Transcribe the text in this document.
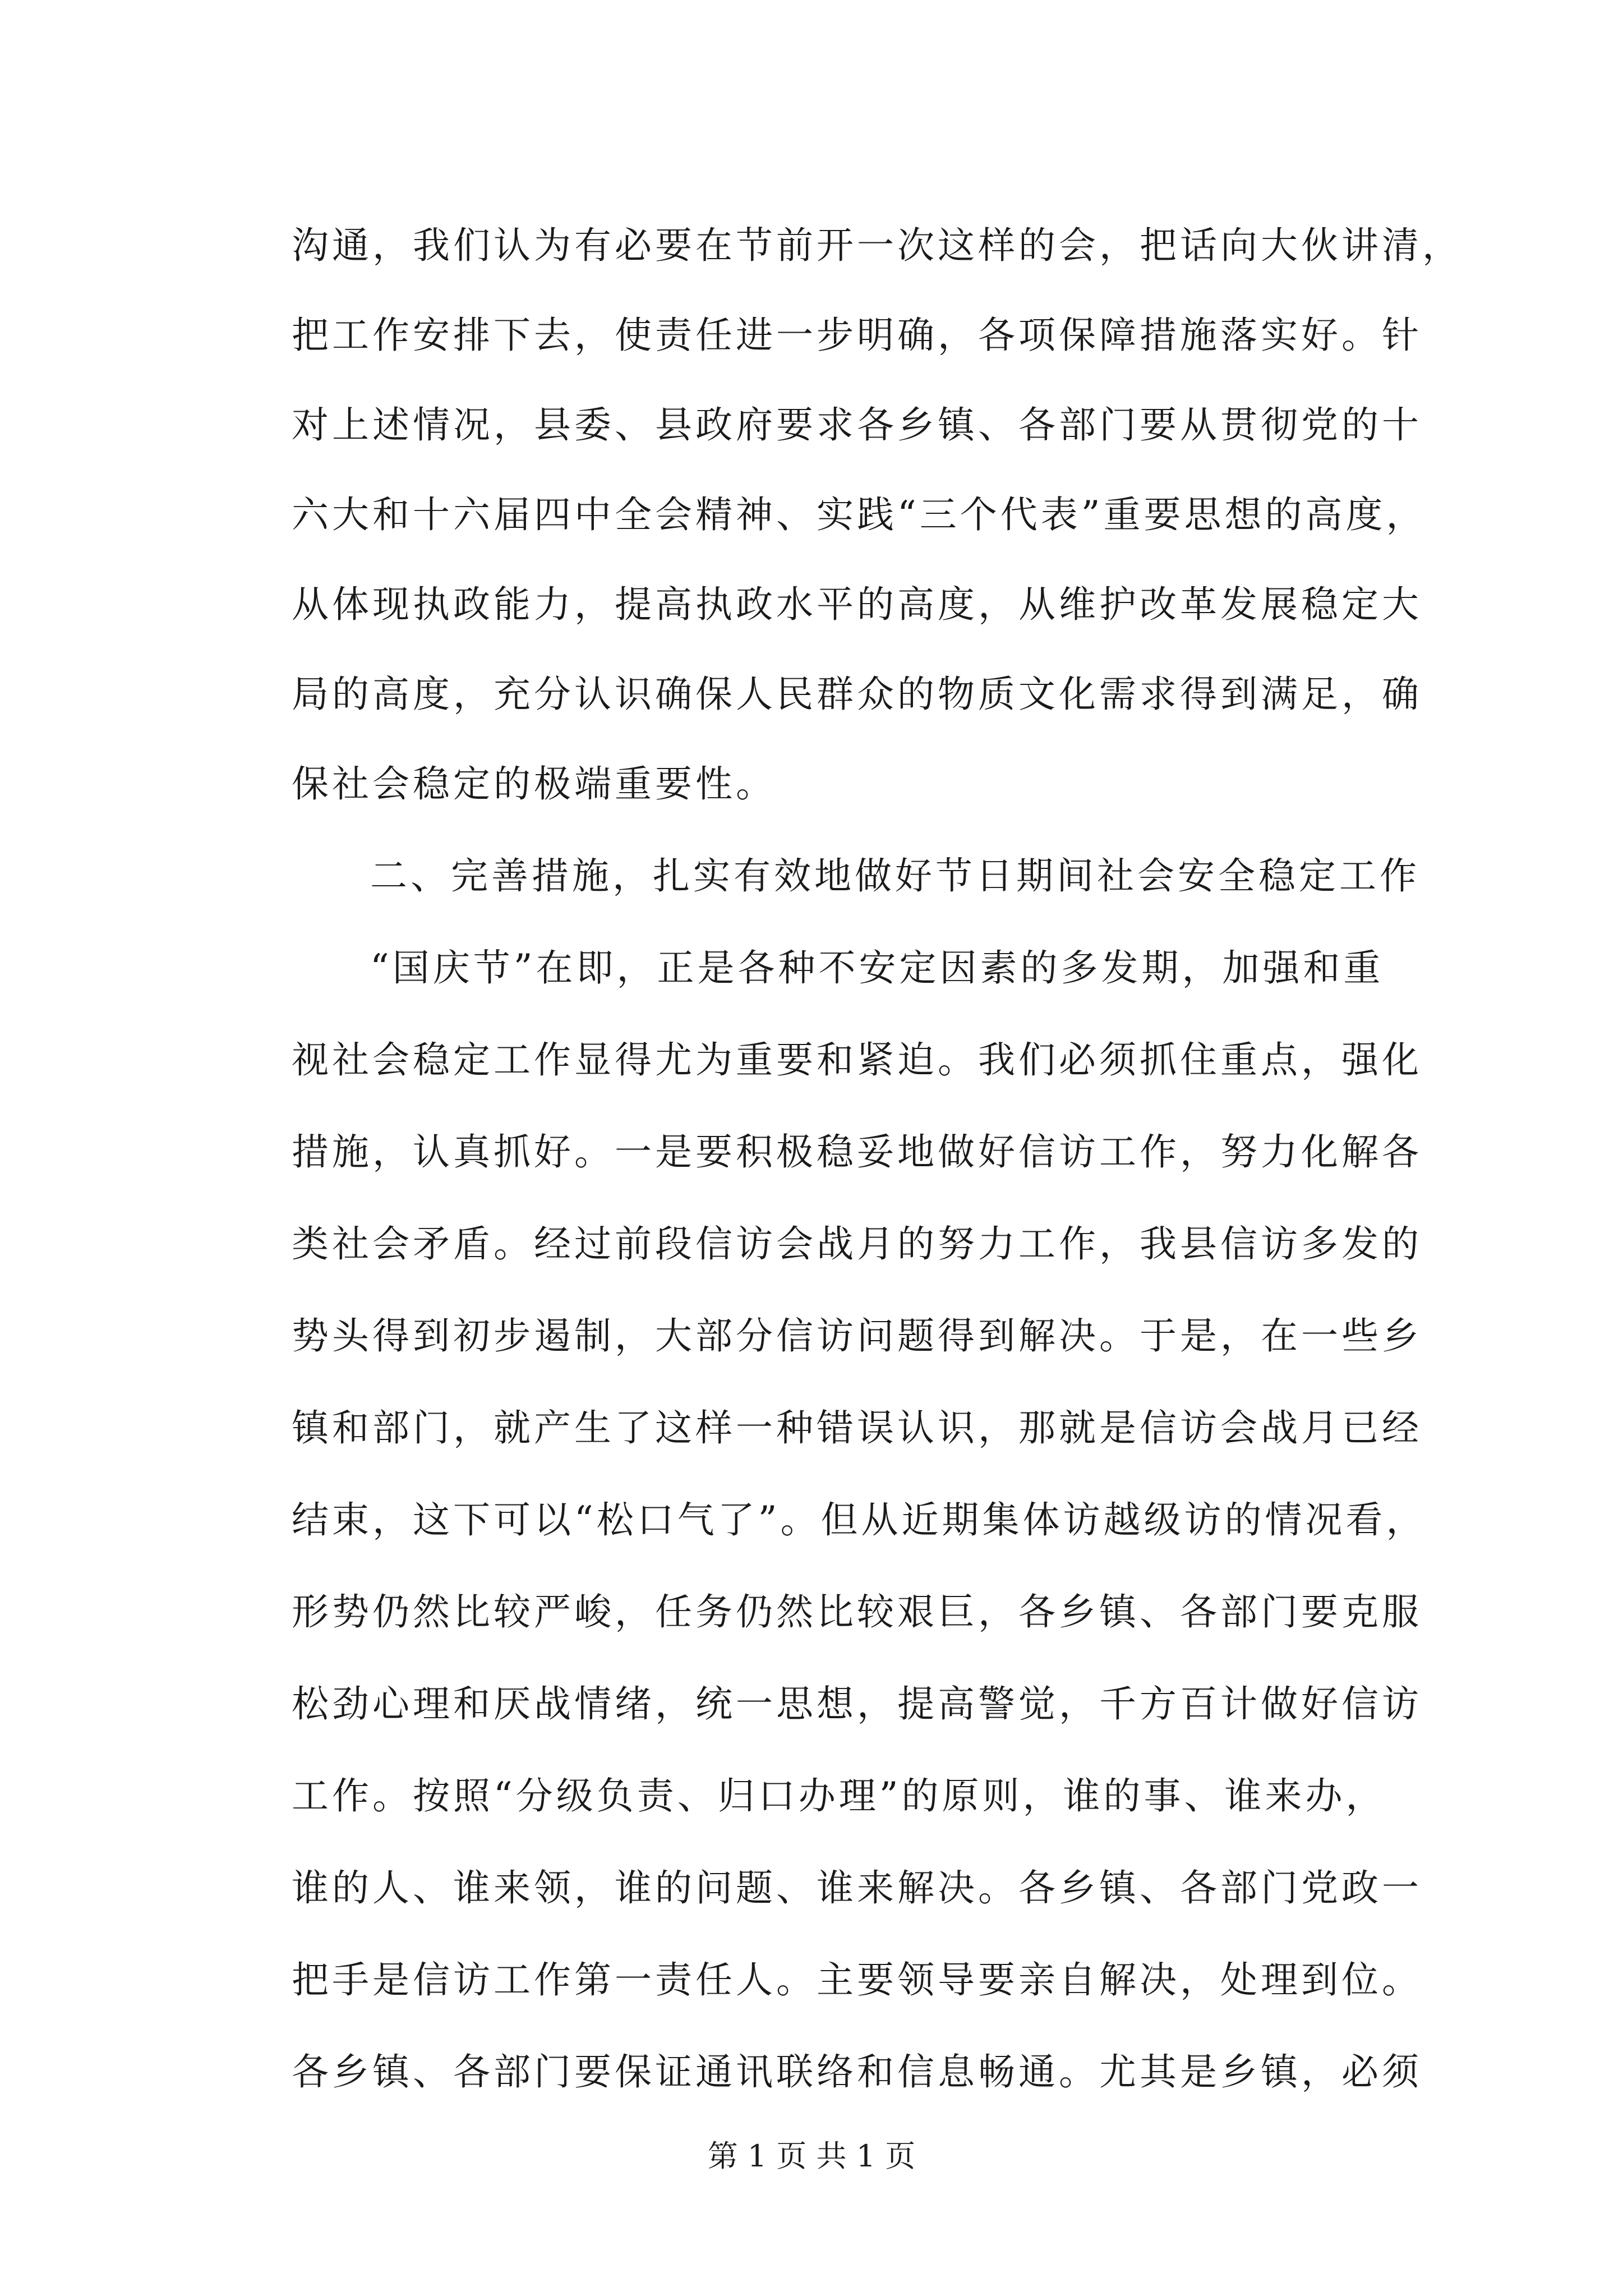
沟通，我们认为有必要在节前开一次这样的会，把话向大伙讲清，
把工作安排下去，使责任进一步明确，各项保障措施落实好。针
对上述情况，县委、县政府要求各乡镇、各部门要从贯彻党的十
六大和十六届四中全会精神、实践“三个代表”重要思想的高度，
从体现执政能力，提高执政水平的高度，从维护改革发展稳定大
局的高度，充分认识确保人民群众的物质文化需求得到满足，确
保社会稳定的极端重要性。
二、完善措施，扎实有效地做好节日期间社会安全稳定工作
“国庆节”在即，正是各种不安定因素的多发期，加强和重
视社会稳定工作显得尤为重要和紧迫。我们必须抓住重点，强化
措施，认真抓好。一是要积极稳妥地做好信访工作，努力化解各
类社会矛盾。经过前段信访会战月的努力工作，我县信访多发的
势头得到初步遏制，大部分信访问题得到解决。于是，在一些乡
镇和部门，就产生了这样一种错误认识，那就是信访会战月已经
结束，这下可以“松口气了”。但从近期集体访越级访的情况看，
形势仍然比较严峻，任务仍然比较艰巨，各乡镇、各部门要克服
松劲心理和厌战情绪，统一思想，提高警觉，千方百计做好信访
工作。按照“分级负责、归口办理”的原则，谁的事、谁来办，
谁的人、谁来领，谁的问题、谁来解决。各乡镇、各部门党政一
把手是信访工作第一责任人。主要领导要亲自解决，处理到位。
各乡镇、各部门要保证通讯联络和信息畅通。尤其是乡镇，必须
第 1 页 共 1 页
